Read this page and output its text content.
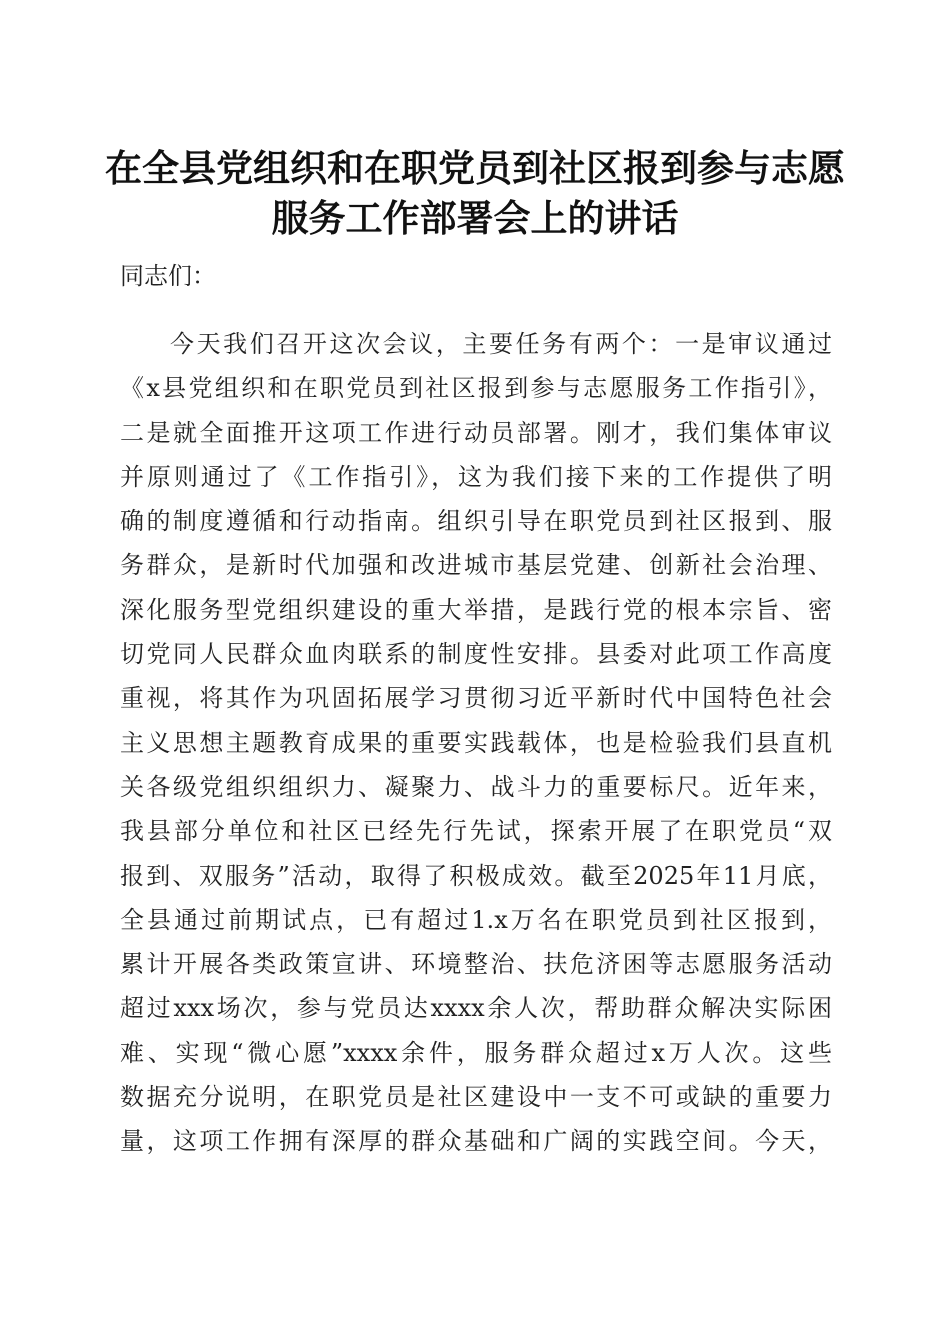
在全县党组织和在职党员到社区报到参与志愿
服务工作部署会上的讲话

同志们：

今天我们召开这次会议，主要任务有两个：一是审议通过
《x县党组织和在职党员到社区报到参与志愿服务工作指引》，
二是就全面推开这项工作进行动员部署。刚才，我们集体审议
并原则通过了《工作指引》，这为我们接下来的工作提供了明
确的制度遵循和行动指南。组织引导在职党员到社区报到、服
务群众，是新时代加强和改进城市基层党建、创新社会治理、
深化服务型党组织建设的重大举措，是践行党的根本宗旨、密
切党同人民群众血肉联系的制度性安排。县委对此项工作高度
重视，将其作为巩固拓展学习贯彻习近平新时代中国特色社会
主义思想主题教育成果的重要实践载体，也是检验我们县直机
关各级党组织组织力、凝聚力、战斗力的重要标尺。近年来，
我县部分单位和社区已经先行先试，探索开展了在职党员“双
报到、双服务”活动，取得了积极成效。截至2025年11月底，
全县通过前期试点，已有超过1.x万名在职党员到社区报到，
累计开展各类政策宣讲、环境整治、扶危济困等志愿服务活动
超过xxx场次，参与党员达xxxx余人次，帮助群众解决实际困
难、实现“微心愿”xxxx余件，服务群众超过x万人次。这些
数据充分说明，在职党员是社区建设中一支不可或缺的重要力
量，这项工作拥有深厚的群众基础和广阔的实践空间。今天，
